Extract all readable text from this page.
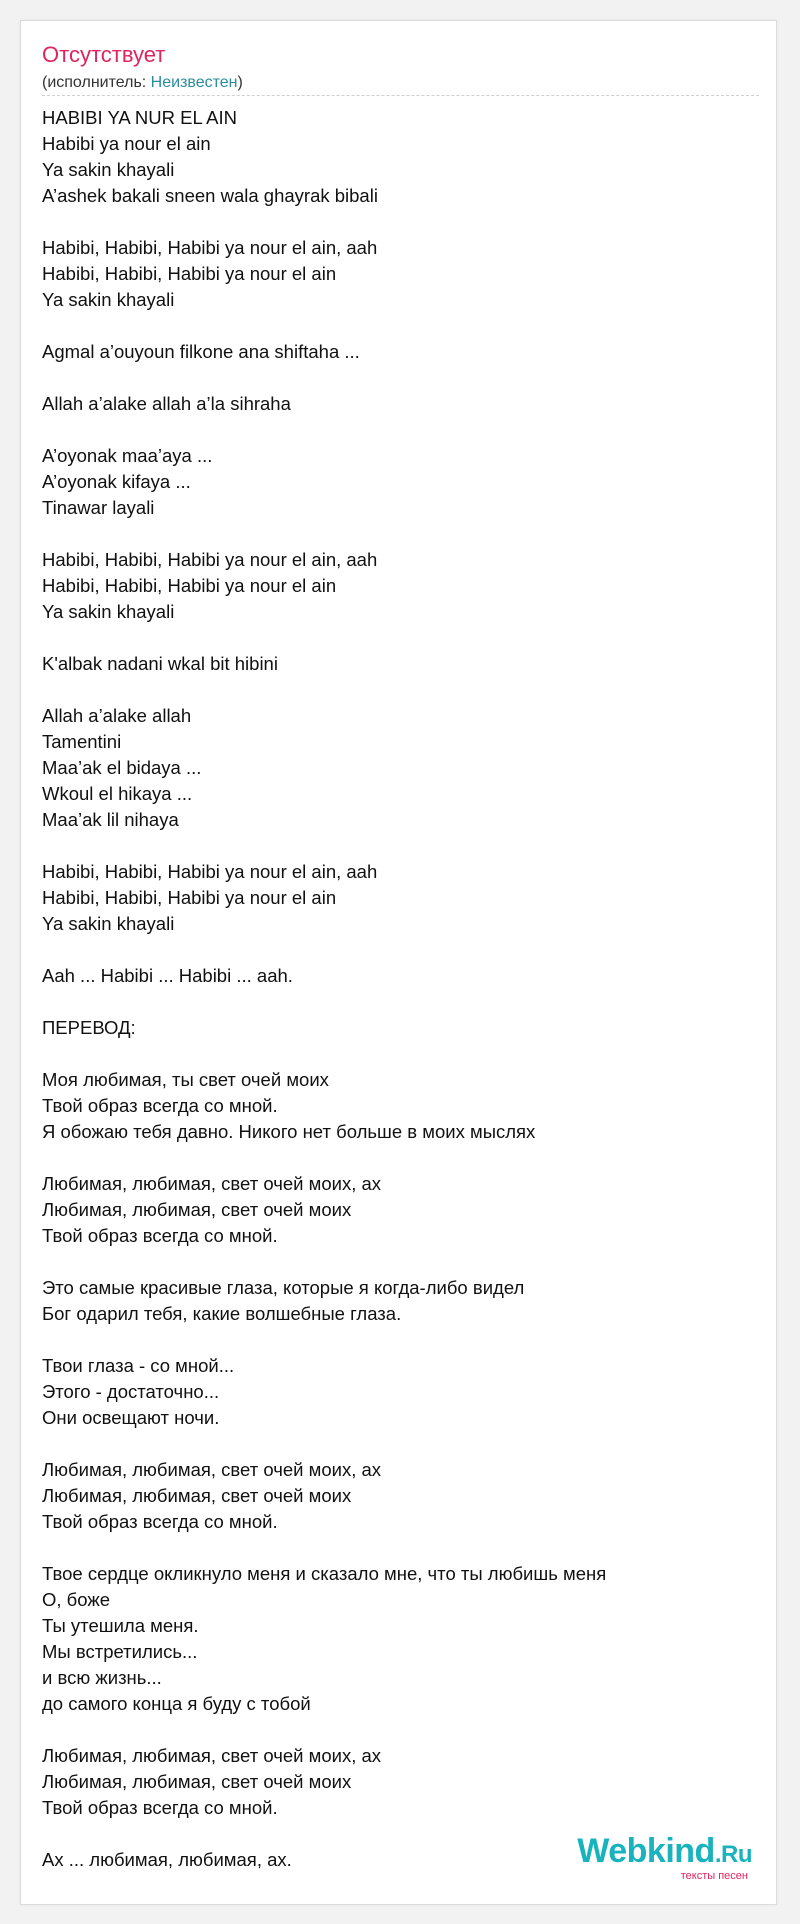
Отсутствует
(исполнитель: Неизвестен)
HABIBI YA NUR EL AIN
Habibi ya nour el ain
Ya sakin khayali
A’ashek bakali sneen wala ghayrak bibali
Habibi, Habibi, Habibi ya nour el ain, aah
Habibi, Habibi, Habibi ya nour el ain
Ya sakin khayali
Agmal a’ouyoun filkone ana shiftaha ...
Allah a’alake allah a’la sihraha
A’oyonak maa’aya ...
A’oyonak kifaya ...
Tinawar layali
Habibi, Habibi, Habibi ya nour el ain, aah
Habibi, Habibi, Habibi ya nour el ain
Ya sakin khayali
K'albak nadani wkal bit hibini
Allah a’alake allah
Tamentini
Maa’ak el bidaya ...
Wkoul el hikaya ...
Maa’ak lil nihaya
Habibi, Habibi, Habibi ya nour el ain, aah
Habibi, Habibi, Habibi ya nour el ain
Ya sakin khayali
Aah ... Habibi ... Habibi ... aah.
ПЕРЕВОД:
Моя любимая, ты свет очей моих
Твой образ всегда со мной.
Я обожаю тебя давно. Никого нет больше в моих мыслях
Любимая, любимая, свет очей моих, ах
Любимая, любимая, свет очей моих
Твой образ всегда со мной.
Это самые красивые глаза, которые я когда-либо видел
Бог одарил тебя, какие волшебные глаза.
Твои глаза - со мной...
Этого - достаточно...
Они освещают ночи.
Любимая, любимая, свет очей моих, ах
Любимая, любимая, свет очей моих
Твой образ всегда со мной.
Твое сердце окликнуло меня и сказало мне, что ты любишь меня
О, боже
Ты утешила меня.
Мы встретились...
и всю жизнь...
до самого конца я буду с тобой
Любимая, любимая, свет очей моих, ах
Любимая, любимая, свет очей моих
Твой образ всегда со мной.
Ах ... любимая, любимая, ах.	Webkind.Ru
тексты песен
